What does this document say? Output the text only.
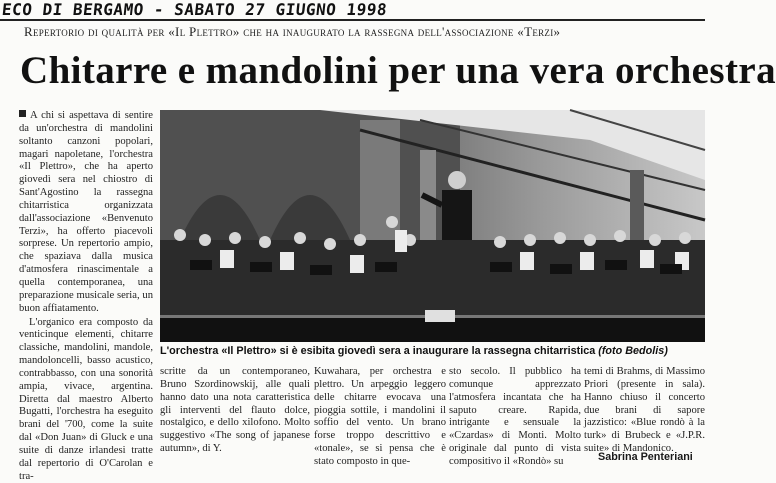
ECO DI BERGAMO - SABATO 27 GIUGNO 1998
Repertorio di qualità per «Il Plettro» che ha inaugurato la rassegna dell'associazione «Terzi»
Chitarre e mandolini per una vera orchestra

A chi si aspettava di sentire da un'orchestra di mandolini soltanto canzoni popolari, magari napoletane, l'orchestra «Il Plettro», che ha aperto giovedì sera nel chiostro di Sant'Agostino la rassegna chitarristica organizzata dall'associazione «Benvenuto Terzi», ha offerto piacevoli sorprese. Un repertorio ampio, che spaziava dalla musica d'atmosfera rinascimentale a quella contemporanea, una preparazione musicale seria, un buon affiatamento.

L'organico era composto da venticinque elementi, chitarre classiche, mandolini, mandole, mandoloncelli, basso acustico, contrabbasso, con una sonorità ampia, vivace, argentina. Diretta dal maestro Alberto Bugatti, l'orchestra ha eseguito brani del '700, come la suite dal «Don Juan» di Gluck e una suite di danze irlandesi tratte dal repertorio di O'Carolan e tra-

L'orchestra «Il Plettro» si è esibita giovedì sera a inaugurare la rassegna chitarristica (foto Bedolis)
scritte da un contemporaneo, Bruno Szordinowskij, alle quali hanno dato una nota caratteristica gli interventi del flauto dolce, nostalgico, e dello xilofono. Molto suggestivo «The song of japanese autumn», di Y.
Kuwahara, per orchestra e plettro. Un arpeggio leggero delle chitarre evocava una pioggia sottile, i mandolini il soffio del vento. Un brano forse troppo descrittivo e «tonale», se si pensa che è stato composto in que-
sto secolo. Il pubblico ha comunque apprezzato l'atmosfera incantata che ha saputo creare. Rapida, intrigante e sensuale la «Czardas» di Monti. Molto originale dal punto di vista compositivo il «Rondò» su
temi di Brahms, di Massimo Priori (presente in sala). Hanno chiuso il concerto due brani di sapore jazzistico: «Blue rondò à la turk» di Brubeck e «J.P.R. suite» di Mandonico.
Sabrina Penteriani
